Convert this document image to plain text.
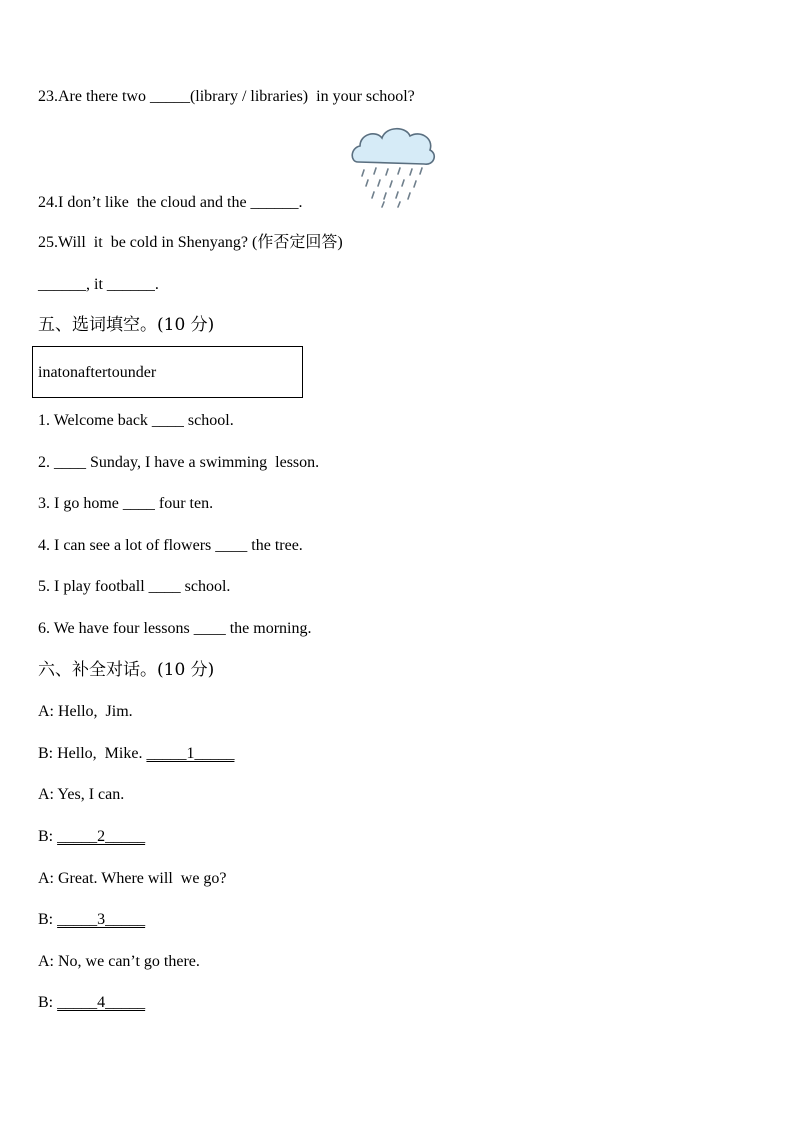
23.Are there two _____(library / libraries)  in your school?
24.I don’t like  the cloud and the ______.
25.Will  it  be cold in Shenyang? (作否定回答)
______, it ______.
五、选词填空。(10 分)
inatonaftertounder
1. Welcome back ____ school.
2. ____ Sunday, I have a swimming  lesson.
3. I go home ____ four ten.
4. I can see a lot of flowers ____ the tree.
5. I play football ____ school.
6. We have four lessons ____ the morning.
六、补全对话。(10 分)
A: Hello,  Jim.
B: Hello,  Mike. _____1_____
A: Yes, I can.
B: _____2_____
A: Great. Where will  we go?
B: _____3_____
A: No, we can’t go there.
B: _____4_____
